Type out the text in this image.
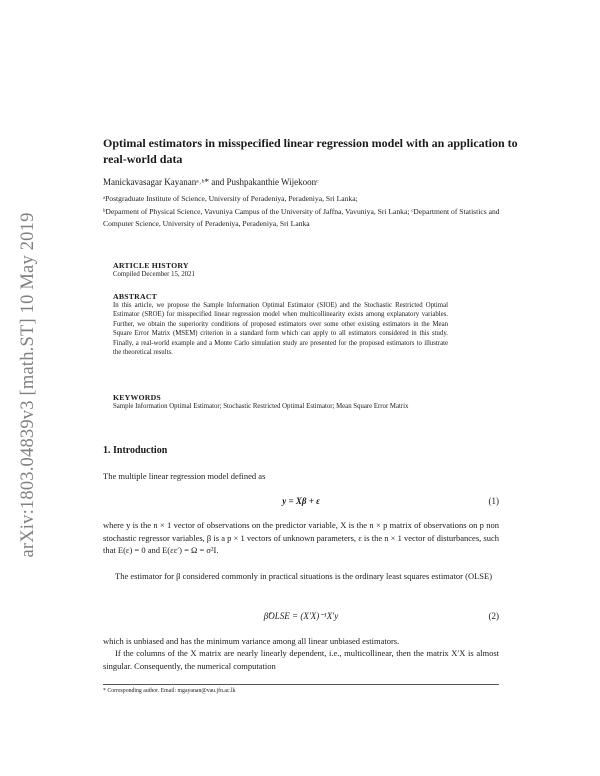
arXiv:1803.04839v3 [math.ST] 10 May 2019
Optimal estimators in misspecified linear regression model with an application to real-world data
Manickavasagar Kayananᵃ˒ᵇ* and Pushpakanthie Wijekoonᶜ
ᵃPostgraduate Institute of Science, University of Peradeniya, Peradeniya, Sri Lanka;
ᵇDeparment of Physical Science, Vavuniya Campus of the University of Jaffna, Vavuniya, Sri Lanka; ᶜDepartment of Statistics and Computer Science, University of Peradeniya, Peradeniya, Sri Lanka
ARTICLE HISTORY
Compiled December 15, 2021
ABSTRACT
In this article, we propose the Sample Information Optimal Estimator (SIOE) and the Stochastic Restricted Optimal Estimator (SROE) for misspecified linear regression model when multicollinearity exists among explanatory variables. Further, we obtain the superiority conditions of proposed estimators over some other existing estimators in the Mean Square Error Matrix (MSEM) criterion in a standard form which can apply to all estimators considered in this study. Finally, a real-world example and a Monte Carlo simulation study are presented for the proposed estimators to illustrate the theoretical results.
KEYWORDS
Sample Information Optimal Estimator; Stochastic Restricted Optimal Estimator; Mean Square Error Matrix
1. Introduction
The multiple linear regression model defined as
y = Xβ + ε	(1)
where y is the n × 1 vector of observations on the predictor variable, X is the n × p matrix of observations on p non stochastic regressor variables, β is a p × 1 vectors of unknown parameters, ε is the n × 1 vector of disturbances, such that E(ε) = 0 and E(εε′) = Ω = σ²I.
The estimator for β considered commonly in practical situations is the ordinary least squares estimator (OLSE)
β̂OLSE = (X′X)⁻¹X′y	(2)
which is unbiased and has the minimum variance among all linear unbiased estimators.
If the columns of the X matrix are nearly linearly dependent, i.e., multicollinear, then the matrix X′X is almost singular. Consequently, the numerical computation
* Corresponding author. Email: mgayanan@vau.jfn.ac.lk
